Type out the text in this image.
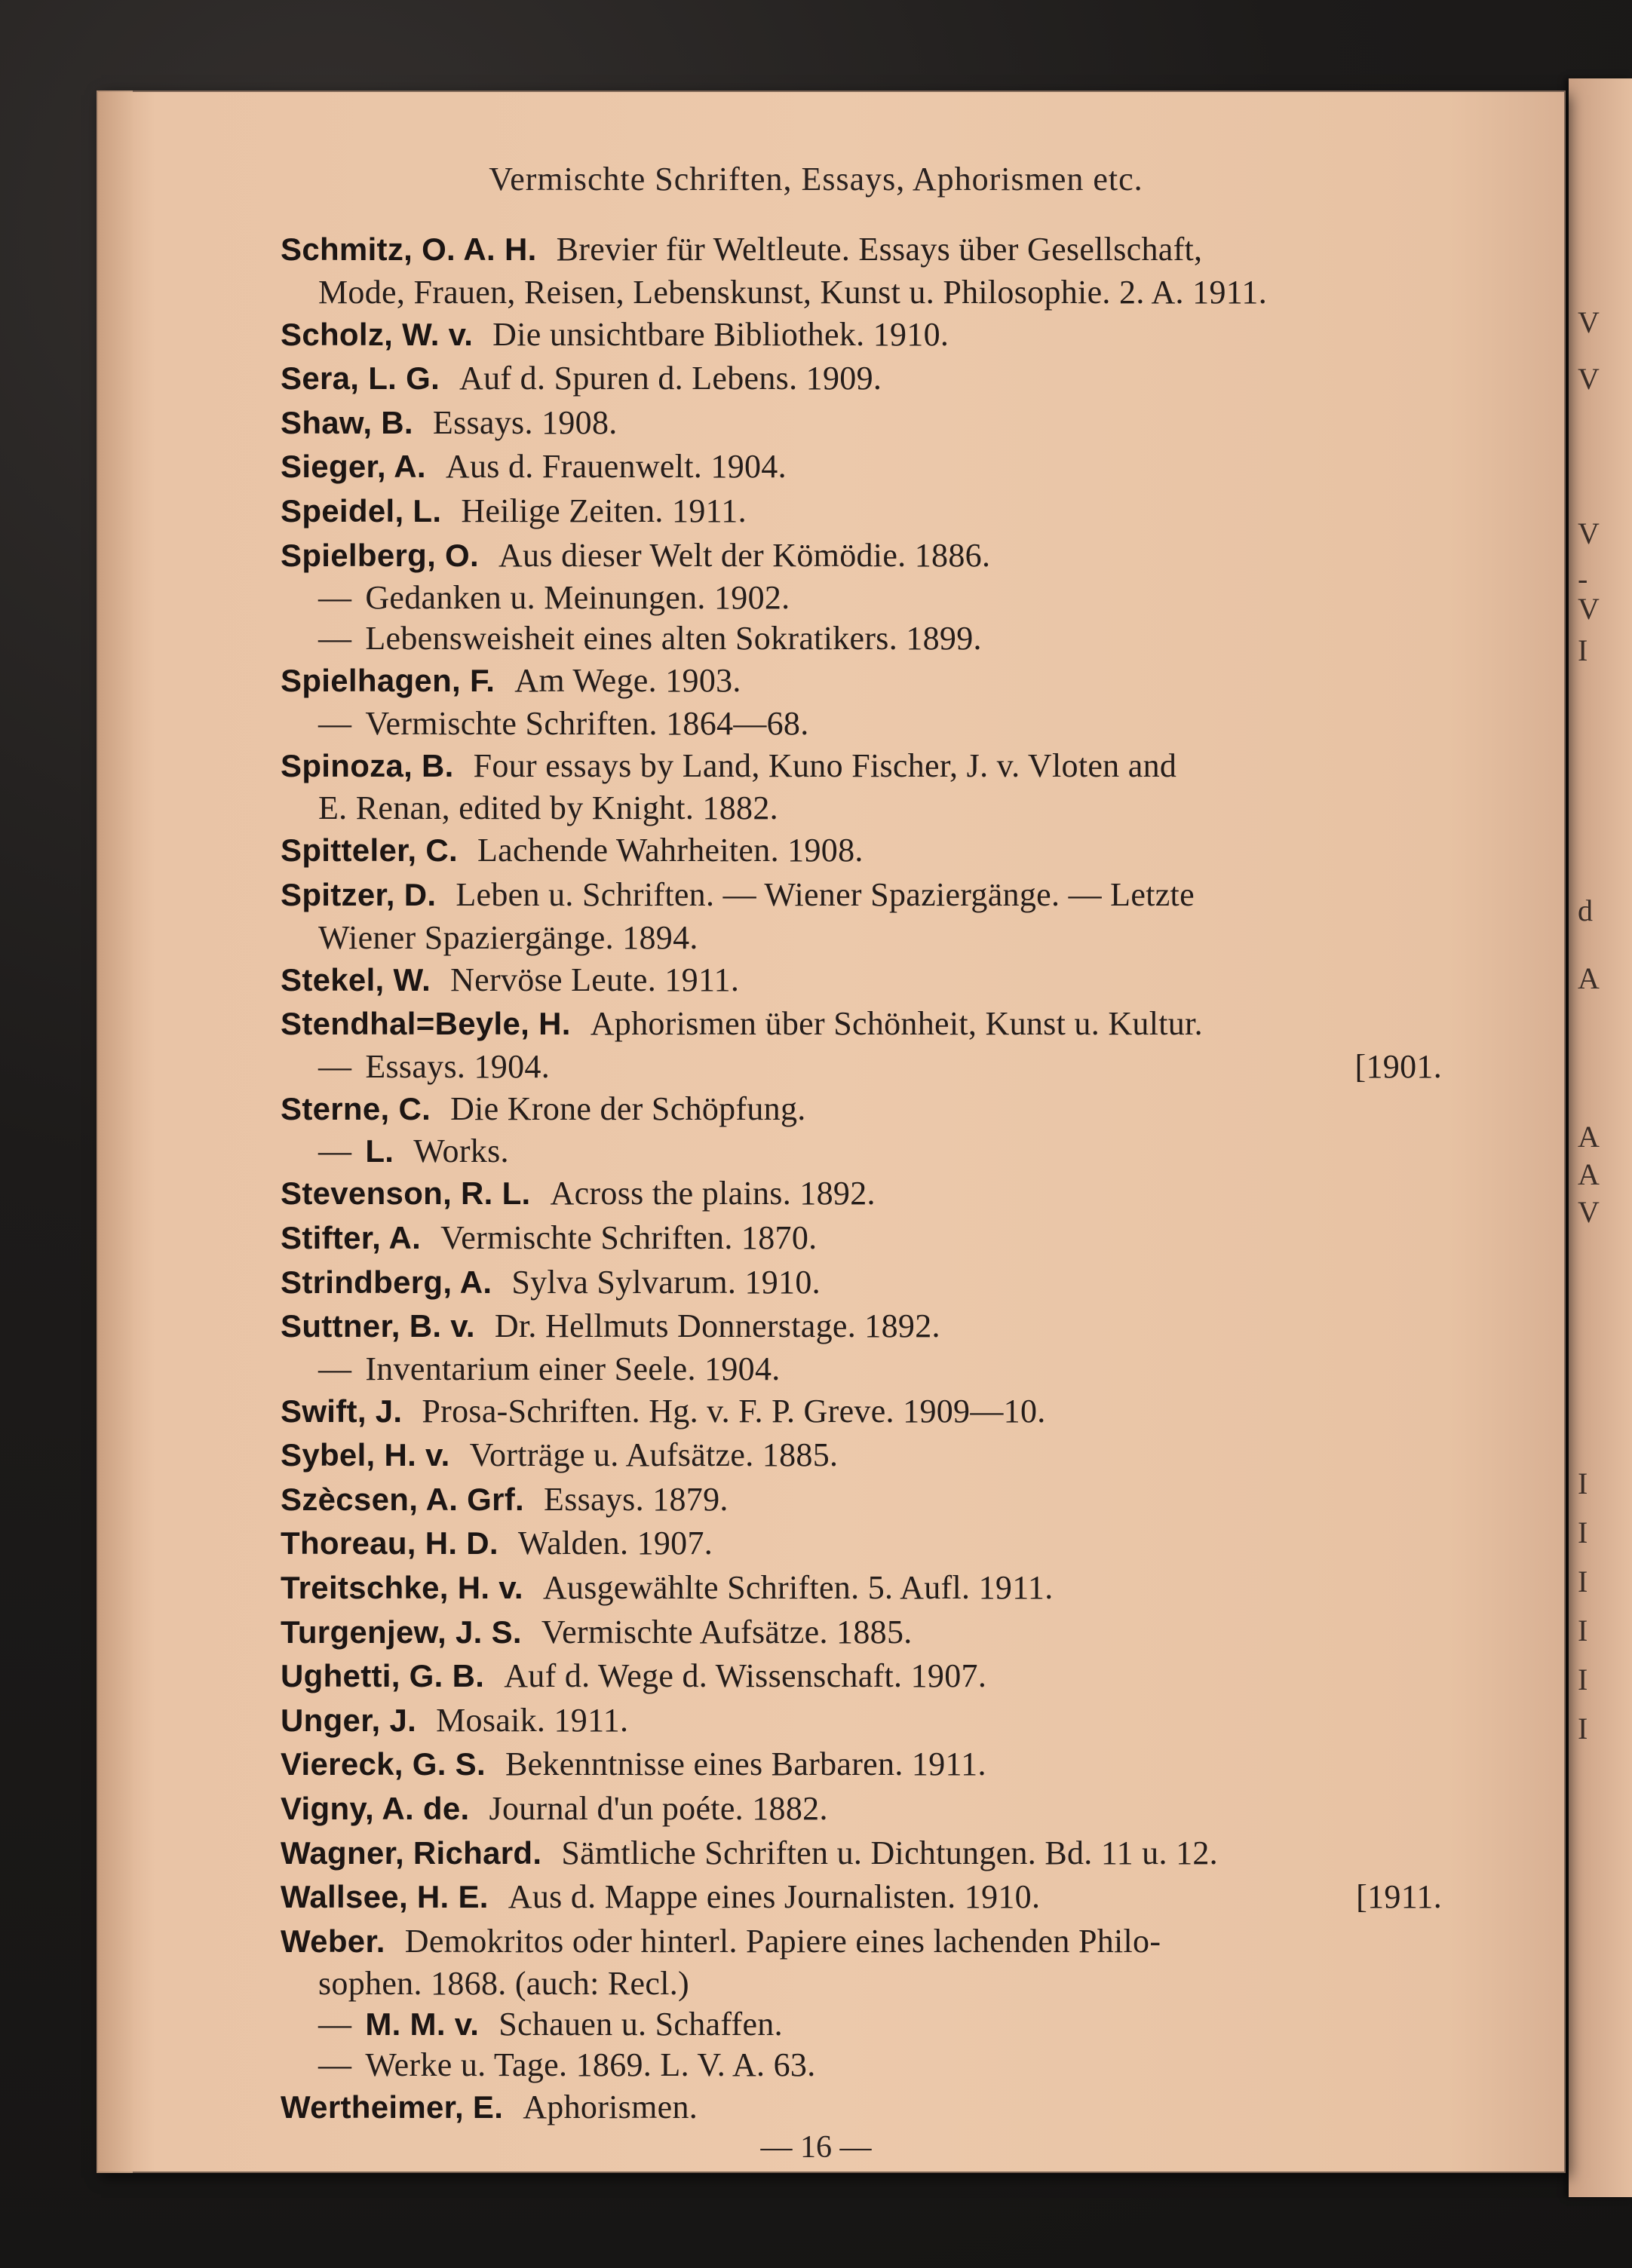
V
V
V
-
V
I
d
A
A
A
V
I
I
I
I
I
I
Vermischte Schriften, Essays, Aphorismen etc.
Schmitz, O. A. H. Brevier für Weltleute. Essays über Gesellschaft,
Mode, Frauen, Reisen, Lebenskunst, Kunst u. Philosophie. 2. A. 1911.
Scholz, W. v. Die unsichtbare Bibliothek. 1910.
Sera, L. G. Auf d. Spuren d. Lebens. 1909.
Shaw, B. Essays. 1908.
Sieger, A. Aus d. Frauenwelt. 1904.
Speidel, L. Heilige Zeiten. 1911.
Spielberg, O. Aus dieser Welt der Kömödie. 1886.
— Gedanken u. Meinungen. 1902.
— Lebensweisheit eines alten Sokratikers. 1899.
Spielhagen, F. Am Wege. 1903.
— Vermischte Schriften. 1864—68.
Spinoza, B. Four essays by Land, Kuno Fischer, J. v. Vloten and
E. Renan, edited by Knight. 1882.
Spitteler, C. Lachende Wahrheiten. 1908.
Spitzer, D. Leben u. Schriften. — Wiener Spaziergänge. — Letzte
Wiener Spaziergänge. 1894.
Stekel, W. Nervöse Leute. 1911.
Stendhal=Beyle, H. Aphorismen über Schönheit, Kunst u. Kultur.
— Essays. 1904.	[1901.
Sterne, C. Die Krone der Schöpfung.
— L. Works.
Stevenson, R. L. Across the plains. 1892.
Stifter, A. Vermischte Schriften. 1870.
Strindberg, A. Sylva Sylvarum. 1910.
Suttner, B. v. Dr. Hellmuts Donnerstage. 1892.
— Inventarium einer Seele. 1904.
Swift, J. Prosa-Schriften. Hg. v. F. P. Greve. 1909—10.
Sybel, H. v. Vorträge u. Aufsätze. 1885.
Szècsen, A. Grf. Essays. 1879.
Thoreau, H. D. Walden. 1907.
Treitschke, H. v. Ausgewählte Schriften. 5. Aufl. 1911.
Turgenjew, J. S. Vermischte Aufsätze. 1885.
Ughetti, G. B. Auf d. Wege d. Wissenschaft. 1907.
Unger, J. Mosaik. 1911.
Viereck, G. S. Bekenntnisse eines Barbaren. 1911.
Vigny, A. de. Journal d'un poéte. 1882.
Wagner, Richard. Sämtliche Schriften u. Dichtungen. Bd. 11 u. 12.
Wallsee, H. E. Aus d. Mappe eines Journalisten. 1910.	[1911.
Weber. Demokritos oder hinterl. Papiere eines lachenden Philo-
sophen. 1868. (auch: Recl.)
— M. M. v. Schauen u. Schaffen.
— Werke u. Tage. 1869. L. V. A. 63.
Wertheimer, E. Aphorismen.
— 16 —
